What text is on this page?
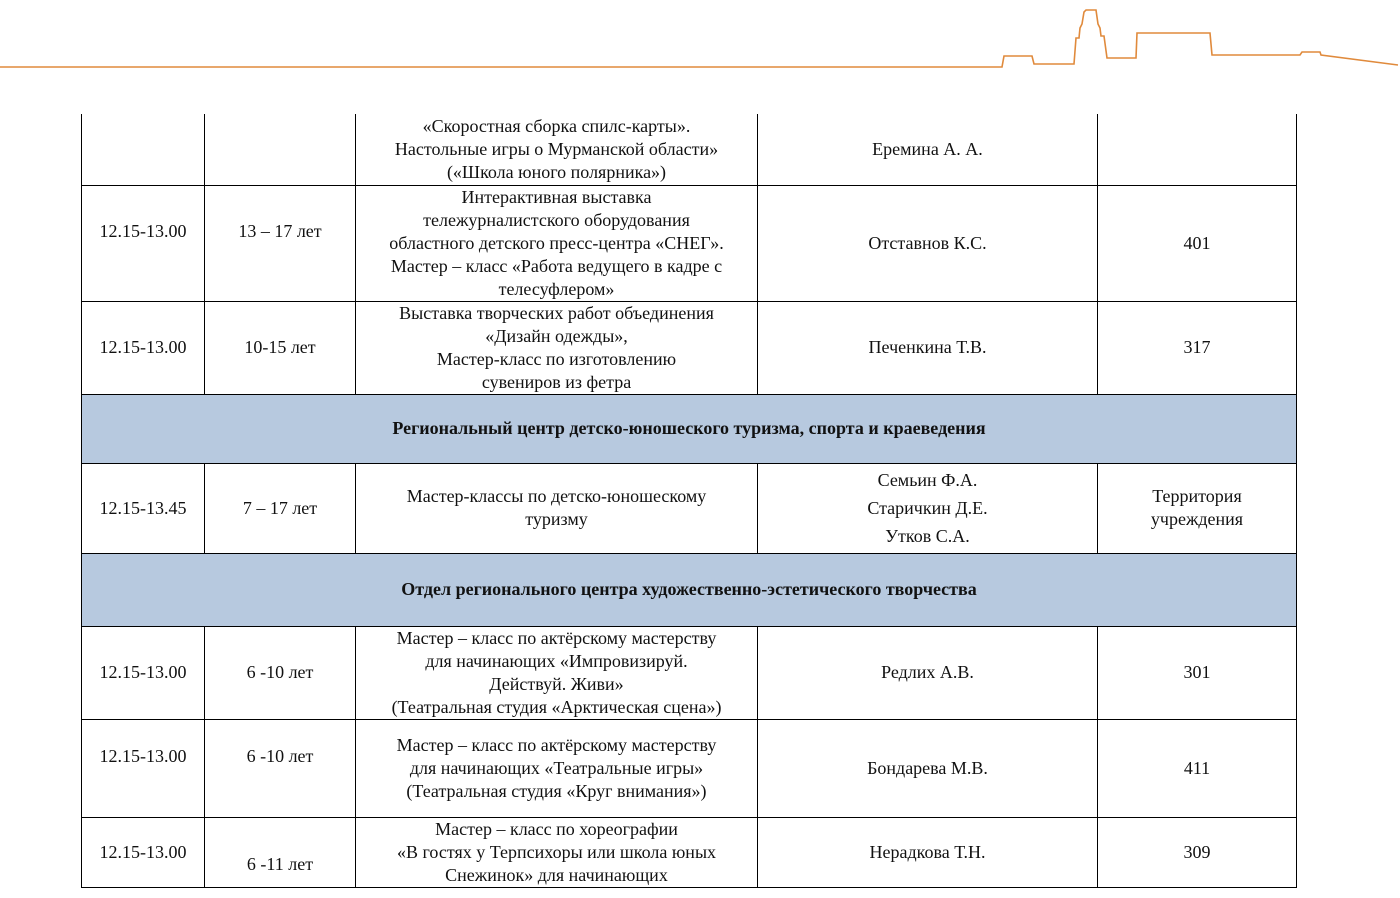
		«Скоростная сборка спилс-карты».
Настольные игры о Мурманской области»
(«Школа юного полярника»)	Еремина А. А.	

12.15-13.00	13 – 17 лет	Интерактивная выставка
тележурналистского оборудования
областного детского пресс-центра «СНЕГ».
Мастер – класс «Работа ведущего в кадре с
телесуфлером»	Отставнов К.С.	401
12.15-13.00	10-15 лет	Выставка творческих работ объединения
«Дизайн одежды»,
Мастер-класс по изготовлению
сувениров из фетра	Печенкина Т.В.	317
Региональный центр детско-юношеского туризма, спорта и краеведения				
12.15-13.45	7 – 17 лет	Мастер-классы по детско-юношескому
туризму	Семьин Ф.А.
Старичкин Д.Е.
Утков С.А.	Территория учреждения
Отдел регионального центра художественно-эстетического творчества				
12.15-13.00	6 -10 лет	Мастер – класс по актёрскому мастерству
для начинающих «Импровизируй.
Действуй. Живи»
(Театральная студия «Арктическая сцена»)	Редлих А.В.	301

12.15-13.00	6 -10 лет	Мастер – класс по актёрскому мастерству
для начинающих «Театральные игры»
(Театральная студия «Круг внимания»)	Бондарева М.В.	411
12.15-13.00	6 -11 лет	Мастер – класс по хореографии
«В гостях у Терпсихоры или школа юных
Снежинок» для начинающих	Нерадкова Т.Н.	309
